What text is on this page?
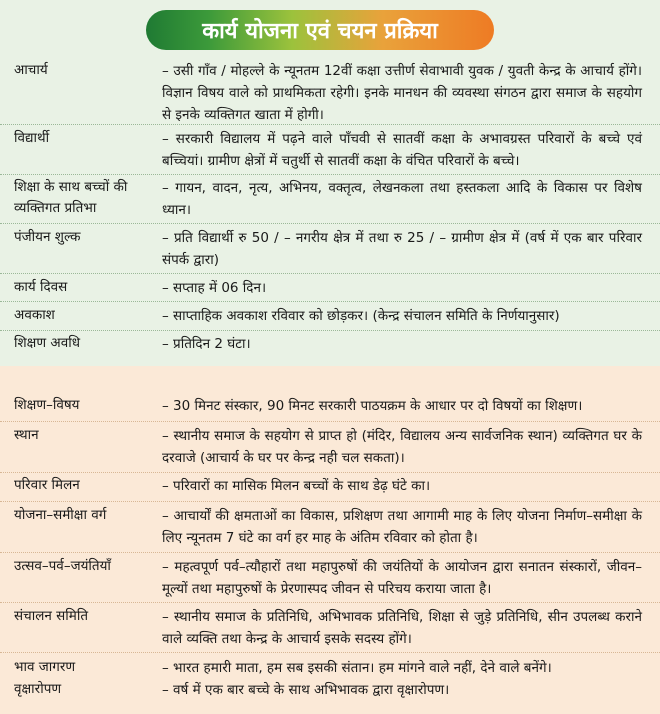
कार्य योजना एवं चयन प्रक्रिया
आचार्य	– उसी गाँव / मोहल्ले के न्यूनतम 12वीं कक्षा उत्तीर्ण सेवाभावी युवक / युवती केन्द्र के आचार्य होंगे। विज्ञान विषय वाले को प्राथमिकता रहेगी। इनके मानधन की व्यवस्था संगठन द्वारा समाज के सहयोग से इनके व्यक्तिगत खाता में होगी।
विद्यार्थी	– सरकारी विद्यालय में पढ़ने वाले पाँचवी से सातवीं कक्षा के अभावग्रस्त परिवारों के बच्चे एवं बच्चियां। ग्रामीण क्षेत्रों में चतुर्थी से सातवीं कक्षा के वंचित परिवारों के बच्चे।
शिक्षा के साथ बच्चों की व्यक्तिगत प्रतिभा
– गायन, वादन, नृत्य, अभिनय, वक्तृत्व, लेखनकला तथा हस्तकला आदि के विकास पर विशेष ध्यान।
पंजीयन शुल्क	– प्रति विद्यार्थी रु 50 / – नगरीय क्षेत्र में तथा रु 25 / – ग्रामीण क्षेत्र में (वर्ष में एक बार परिवार संपर्क द्वारा)
कार्य दिवस	– सप्ताह में 06 दिन।
अवकाश	– साप्ताहिक अवकाश रविवार को छोड़कर। (केन्द्र संचालन समिति के निर्णयानुसार)
शिक्षण अवधि	– प्रतिदिन 2 घंटा।
शिक्षण–विषय	– 30 मिनट संस्कार, 90 मिनट सरकारी पाठयक्रम के आधार पर दो विषयों का शिक्षण।
स्थान	– स्थानीय समाज के सहयोग से प्राप्त हो (मंदिर, विद्यालय अन्य सार्वजनिक स्थान) व्यक्तिगत घर के दरवाजे (आचार्य के घर पर केन्द्र नही चल सकता)।
परिवार मिलन	– परिवारों का मासिक मिलन बच्चों के साथ डेढ़ घंटे का।
योजना–समीक्षा वर्ग	– आचार्यों की क्षमताओं का विकास, प्रशिक्षण तथा आगामी माह के लिए योजना निर्माण–समीक्षा के लिए न्यूनतम 7 घंटे का वर्ग हर माह के अंतिम रविवार को होता है।
उत्सव–पर्व–जयंतियाँ	– महत्वपूर्ण पर्व–त्यौहारों तथा महापुरुषों की जयंतियों के आयोजन द्वारा सनातन संस्कारों, जीवन–मूल्यों तथा महापुरुषों के प्रेरणास्पद जीवन से परिचय कराया जाता है।
संचालन समिति	– स्थानीय समाज के प्रतिनिधि, अभिभावक प्रतिनिधि, शिक्षा से जुड़े प्रतिनिधि, सीन उपलब्ध कराने वाले व्यक्ति तथा केन्द्र के आचार्य इसके सदस्य होंगे।
भाव जागरण	– भारत हमारी माता, हम सब इसकी संतान। हम मांगने वाले नहीं, देने वाले बनेंगे।
वृक्षारोपण	– वर्ष में एक बार बच्चे के साथ अभिभावक द्वारा वृक्षारोपण।
